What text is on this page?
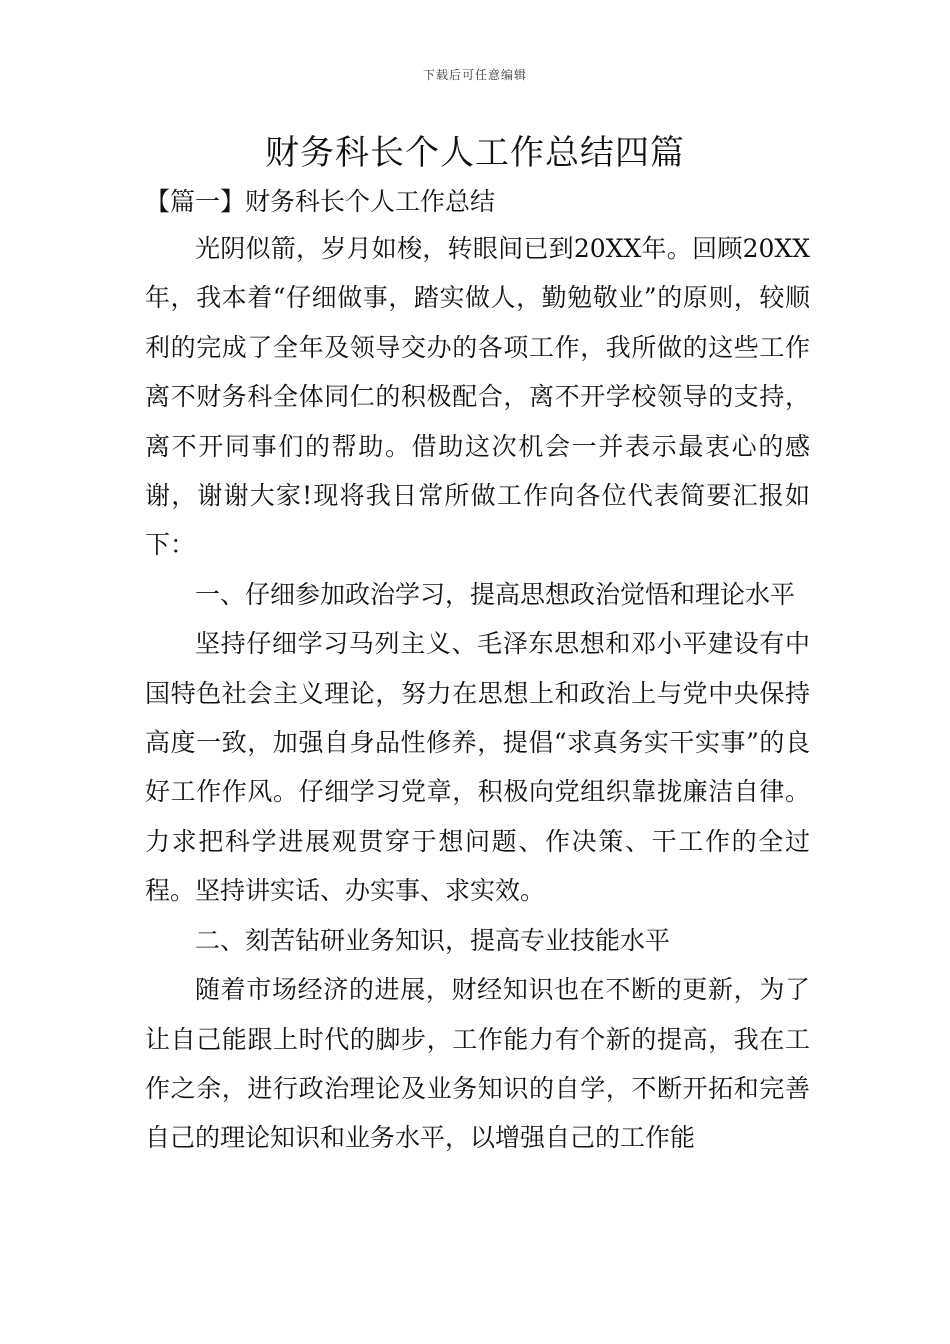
下载后可任意编辑
财务科长个人工作总结四篇
【篇一】财务科长个人工作总结

光阴似箭，岁月如梭，转眼间已到20XX年。回顾20XX年，我本着“仔细做事，踏实做人，勤勉敬业”的原则，较顺利的完成了全年及领导交办的各项工作，我所做的这些工作离不财务科全体同仁的积极配合，离不开学校领导的支持，离不开同事们的帮助。借助这次机会一并表示最衷心的感谢，谢谢大家!现将我日常所做工作向各位代表简要汇报如下：

一、仔细参加政治学习，提高思想政治觉悟和理论水平

坚持仔细学习马列主义、毛泽东思想和邓小平建设有中国特色社会主义理论，努力在思想上和政治上与党中央保持高度一致，加强自身品性修养，提倡“求真务实干实事”的良好工作作风。仔细学习党章，积极向党组织靠拢廉洁自律。力求把科学进展观贯穿于想问题、作决策、干工作的全过程。坚持讲实话、办实事、求实效。

二、刻苦钻研业务知识，提高专业技能水平

随着市场经济的进展，财经知识也在不断的更新，为了让自己能跟上时代的脚步，工作能力有个新的提高，我在工作之余，进行政治理论及业务知识的自学，不断开拓和完善自己的理论知识和业务水平，以增强自己的工作能
